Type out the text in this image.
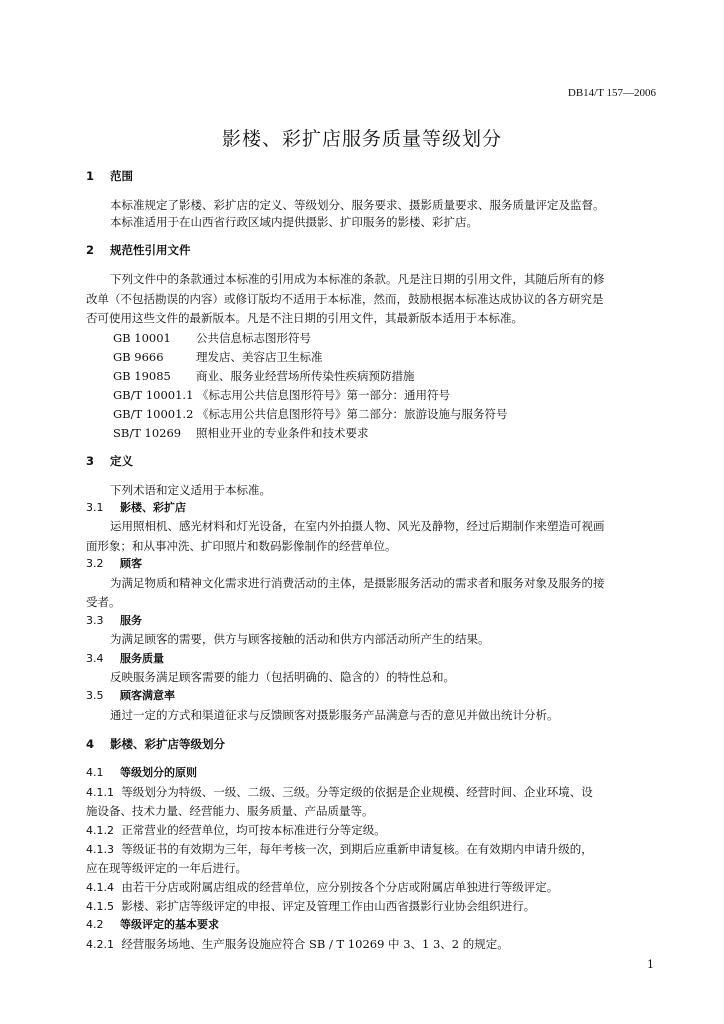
DB14/T 157—2006
影楼、彩扩店服务质量等级划分
1 范围
本标准规定了影楼、彩扩店的定义、等级划分、服务要求、摄影质量要求、服务质量评定及监督。
本标准适用于在山西省行政区域内提供摄影、扩印服务的影楼、彩扩店。
2 规范性引用文件
下列文件中的条款通过本标准的引用成为本标准的条款。凡是注日期的引用文件，其随后所有的修
改单（不包括勘误的内容）或修订版均不适用于本标准，然而，鼓励根据本标准达成协议的各方研究是
否可使用这些文件的最新版本。凡是不注日期的引用文件，其最新版本适用于本标准。
GB 10001 公共信息标志图形符号
GB 9666	理发店、美容店卫生标准
GB 19085 商业、服务业经营场所传染性疾病预防措施
GB/T 10001.1 《标志用公共信息图形符号》第一部分：通用符号
GB/T 10001.2 《标志用公共信息图形符号》第二部分：旅游设施与服务符号
SB/T 10269 照相业开业的专业条件和技术要求
3 定义
下列术语和定义适用于本标准。
3.1 影楼、彩扩店
运用照相机、感光材料和灯光设备，在室内外拍摄人物、风光及静物，经过后期制作来塑造可视画
面形象；和从事冲洗、扩印照片和数码影像制作的经营单位。
3.2 顾客
为满足物质和精神文化需求进行消费活动的主体，是摄影服务活动的需求者和服务对象及服务的接
受者。
3.3 服务
为满足顾客的需要，供方与顾客接触的活动和供方内部活动所产生的结果。
3.4 服务质量
反映服务满足顾客需要的能力（包括明确的、隐含的）的特性总和。
3.5 顾客满意率
通过一定的方式和渠道征求与反馈顾客对摄影服务产品满意与否的意见并做出统计分析。
4 影楼、彩扩店等级划分
4.1 等级划分的原则
4.1.1 等级划分为特级、一级、二级、三级。分等定级的依据是企业规模、经营时间、企业环境、设
施设备、技术力量、经营能力、服务质量、产品质量等。
4.1.2 正常营业的经营单位，均可按本标准进行分等定级。
4.1.3 等级证书的有效期为三年，每年考核一次，到期后应重新申请复核。在有效期内申请升级的，
应在现等级评定的一年后进行。
4.1.4 由若干分店或附属店组成的经营单位，应分别按各个分店或附属店单独进行等级评定。
4.1.5 影楼、彩扩店等级评定的申报、评定及管理工作由山西省摄影行业协会组织进行。
4.2 等级评定的基本要求
4.2.1 经营服务场地、生产服务设施应符合 SB / T 10269 中 3、1 3、2 的规定。
1
